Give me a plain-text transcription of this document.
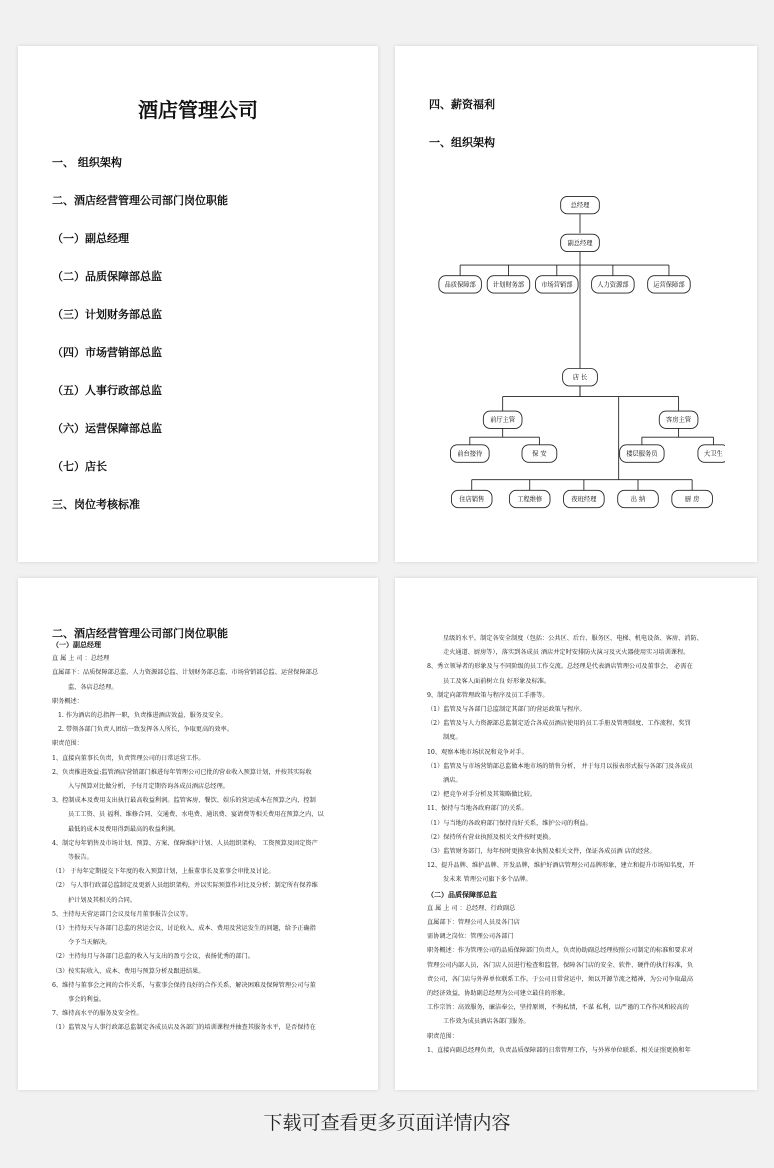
酒店管理公司
一、 组织架构
二、酒店经营管理公司部门岗位职能
（一）副总经理
（二）品质保障部总监
（三）计划财务部总监
（四）市场营销部总监
（五）人事行政部总监
（六）运营保障部总监
（七）店长
三、岗位考核标准
四、薪资福利
一、组织架构
总经理
副总经理
品质保障部	计划财务部	市场营销部	人力资源部	运营保障部
店 长
前厅主管	客房主管
前台接待	保 安	楼层服务员	大卫生
住店销售	工程维修	夜班经理	出 纳	厨 房
二、酒店经营管理公司部门岗位职能
（一）副总经理
直 属 上 司 ：总经理
直属部下：品质保障部总监、人力资源部总监、计划财务部总监、市场营销部总监、运营保障部总
监、各店总经理。
职务概述：
1. 作为酒店的总指挥一职，负责推进酒店效益、服务及安全。
2. 带领各部门负责人团结一致发挥各人所长，争取更高的效率。
职责范围：
1、直接向董事长负责，负责管理公司的日常运营工作。
2、负责推进效益:监管酒店营销部门推进每年管理公司已批的营业收入预算计划，并按其实际收
入与预算对比做分析，予每月定期咨询各成员酒店总经理。
3、控制成本及费用支出执行最高收益利润。监管客房、餐饮、娱乐的营运成本在预算之内，控制
员工工资、员 福利、维修合同、交通费、水电费、通讯费、宴请费等相关费用在预算之内，以
最低的成本及费用得到最高的收益利润。
4、制定每年销售及市场计划、预算、方案、保障维护计划、人员组织架构、 工资预算及固定资产
等报告。
（1） 于每年定期提交下年度的收入预算计划，上报董事长及董事会审批及讨论。
（2） 与人事行政部总监制定及更新人员组织架构，并以实际预算作对比及分析；制定所有保养维
护计划及其相关的合同。
5、主持每天营运部门会议及每月董事报告会议等。
（1）主持每天与各部门总监的营运会议，讨论收入、成本、费用及营运发生的问题，给予正确指
令予当天解决。
（2）主持每月与各部门总监的收入与支出的盈亏会议，表扬优秀的部门。
（3）按实际收入、成本、费用与预算分析及跟进结果。
6、维持与董事会之间的合作关系，与董事会保持良好的合作关系，解决困难及保障管理公司与董
事会的利益。
7、维持高水平的服务及安全性。
（1）监管及与人事行政部总监制定各成员店及各部门的培训课程并抽查其服务水平，是否保持在
星级的水平。制定各安全制度（包括：公共区、后台、服务区、电梯、机电设备、客房、消防、
走火通道、厨房等），落实到各成员 酒店并定时安排防火演习及灭火器使用实习培训课程。
8、秀立领导者的形象及与不同阶级的员工作交流。总经理是代表酒店管理公司及董事会， 必需在
员工及客人面前树立良 好形象及标准。
9、制定向部管理政策与程序及员工手册等。
（1）监管及与各部门总监制定其部门的营运政策与程序。
（2）监管及与人力资源部总监制定适合各成员酒店使用的员工手册及管理制度、工作流程、奖罚
制度。
10、观察本地市场状况和竞争对手。
（1）监管及与市场营销部总监做本地市场的销售分析， 并于每月以报表形式报与各部门及各成员
酒店。
（2）把竞争对手分析及其策略做比较。
11、保持与当地各政府部门的关系。
（1）与当地的各政府部门保持良好关系，维护公司的利益。
（2）保持所有营业执照及相关文件按时更换。
（3）监管财务部门，每年按时更换营业执照及相关文件，保证各成员酒 店的经营。
12、提升品牌、维护品牌、开发品牌，维护好酒店管理公司品牌形象，建立和提升市场知名度，开
发未来 管理公司旗下多个品牌。
（二）品质保障部总监
直 属 上 司 ：总经理、行政副总
直属部下：管理公司人员及各门店
需协调之岗位：管理公司各部门
职务概述：作为管理公司的品质保障部门负责人，负责协助副总经理按照公司制定的标准和要求对
管理公司内部人员，各门店人员进行检查和监督，保障各门店的安全、软件、硬件的执行标准，负
责公司，各门店与外界单位联系工作。于公司日常营运中，须以开源节流之精神，为公司争取最高
的经济效益，协助副总经理为公司建立最佳的形象。
工作宗旨：高效服务，廉洁奉公，坚持原则，不徇私情，不谋 私利，以严谨的工作作风和较高的
工作效为成员酒店各部门服务。
职责范围：
1、直接向副总经理负责，负责品质保障部的日常管理工作，与外界单位联系、相关证照更换和年
下载可查看更多页面详情内容
